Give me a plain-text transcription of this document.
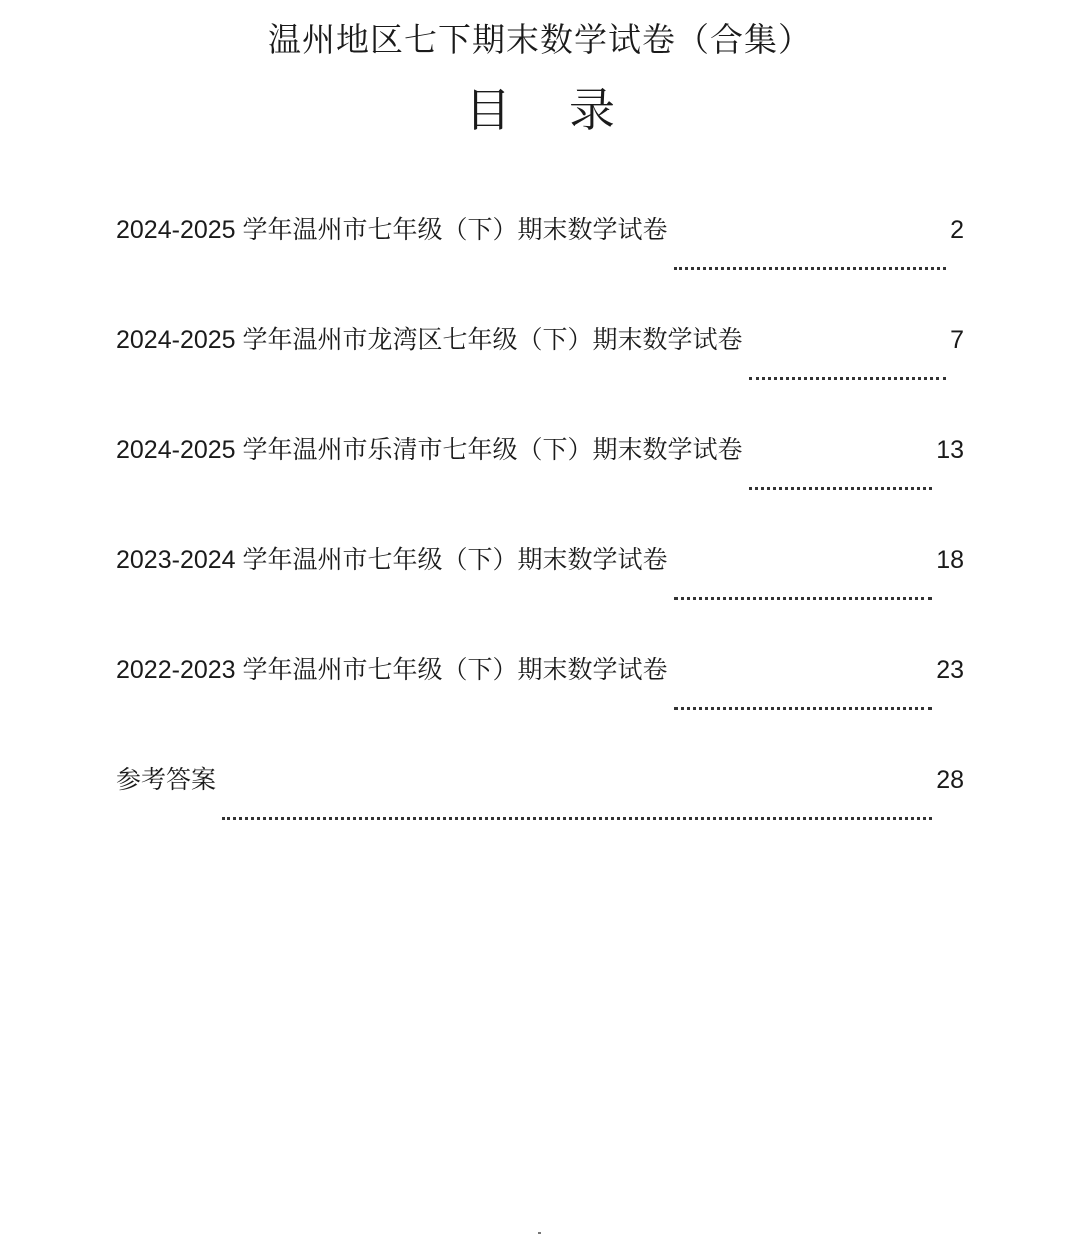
温州地区七下期末数学试卷（合集）
目 录
2024-2025 学年温州市七年级（下）期末数学试卷	2
2024-2025 学年温州市龙湾区七年级（下）期末数学试卷	7
2024-2025 学年温州市乐清市七年级（下）期末数学试卷	13
2023-2024 学年温州市七年级（下）期末数学试卷	18
2022-2023 学年温州市七年级（下）期末数学试卷	23
参考答案	28
